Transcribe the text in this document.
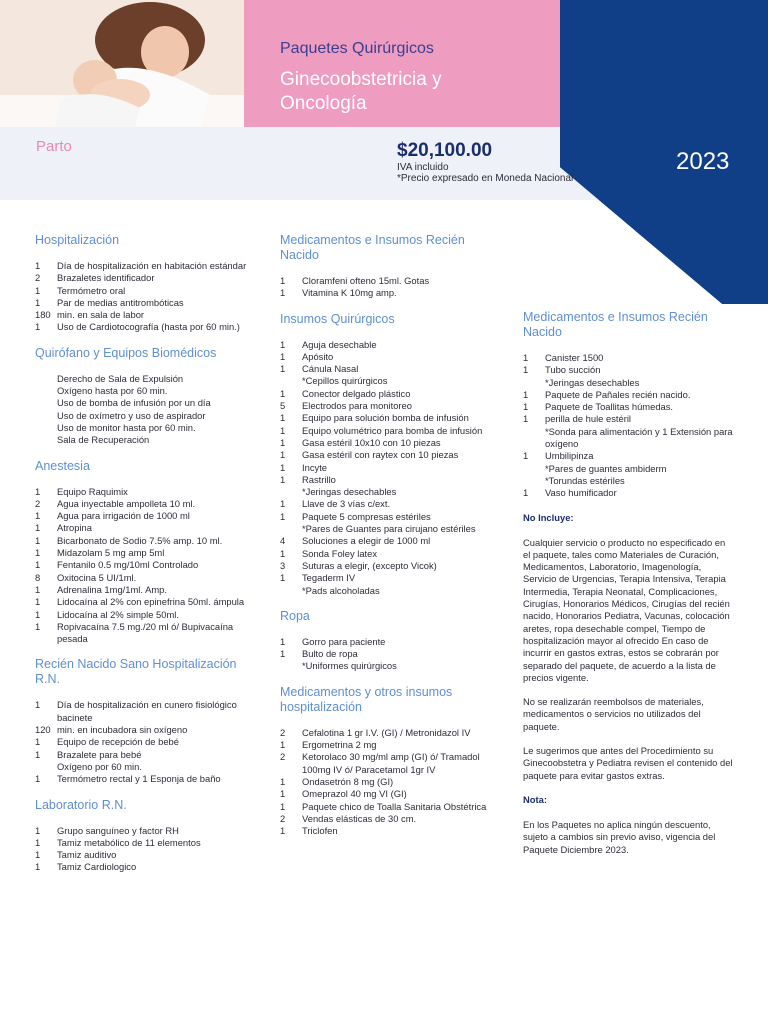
Paquetes Quirúrgicos
Ginecoobstetricia y Oncología
Parto	$20,100.00
IVA incluido
*Precio expresado en Moneda Nacional
2023
Hospitalización
1	Día de hospitalización en habitación estándar
2	Brazaletes identificador
1	Termómetro oral
1	Par de medias antitrombóticas
180 min. en sala de labor
1	Uso de Cardiotocografía (hasta por 60 min.)
Quirófano y Equipos Biomédicos
Derecho de Sala de Expulsión
Oxígeno hasta por 60 min.
Uso de bomba de infusión por un día
Uso de oxímetro y uso de aspirador
Uso de monitor hasta por 60 min.
Sala de Recuperación
Anestesia
1	Equipo Raquimix
2	Agua inyectable ampolleta 10 ml.
1	Agua para irrigación de 1000 ml
1	Atropina
1	Bicarbonato de Sodio 7.5% amp. 10 ml.
1	Midazolam 5 mg amp 5ml
1	Fentanilo 0.5 mg/10ml Controlado
8	Oxitocina 5 UI/1ml.
1	Adrenalina 1mg/1ml. Amp.
1	Lidocaína al 2% con epinefrina 50ml. ámpula
1	Lidocaína al 2% simple 50ml.
1	Ropivacaína 7.5 mg./20 ml ó/ Bupivacaína pesada
Recién Nacido Sano Hospitalización R.N.
1	Día de hospitalización en cunero fisiológico bacinete
120 min. en incubadora sin oxígeno
1	Equipo de recepción de bebé
1	Brazalete para bebé
Oxígeno por 60 min.
1	Termómetro rectal y 1 Esponja de baño
Laboratorio R.N.
1	Grupo sanguíneo y factor RH
1	Tamiz metabólico de 11 elementos
1	Tamiz auditivo
1	Tamiz Cardiologico
Medicamentos e Insumos Recién Nacido
1	Cloramfeni ofteno 15ml. Gotas
1	Vitamina K 10mg amp.
Insumos Quirúrgicos
1	Aguja desechable
1	Apósito
1	Cánula Nasal
*Cepillos quirúrgicos
1	Conector delgado plástico
5	Electrodos para monitoreo
1	Equipo para solución bomba de infusión
1	Equipo volumétrico para bomba de infusión
1	Gasa estéril 10x10 con 10 piezas
1	Gasa estéril con raytex con 10 piezas
1	Incyte
1	Rastrillo
*Jeringas desechables
1	Llave de 3 vías c/ext.
1	Paquete 5 compresas estériles
*Pares de Guantes para cirujano estériles
4	Soluciones a elegir de 1000 ml
1	Sonda Foley latex
3	Suturas a elegir, (excepto Vicok)
1	Tegaderm IV
*Pads alcoholadas
Ropa
1	Gorro para paciente
1	Bulto de ropa
*Uniformes quirúrgicos
Medicamentos y otros insumos hospitalización
2	Cefalotina 1 gr I.V. (GI) / Metronidazol IV
1	Ergometrina 2 mg
2	Ketorolaco 30 mg/ml amp (GI) ó/ Tramadol 100mg IV ó/ Paracetamol 1gr IV
1	Ondasetrón 8 mg (GI)
1	Omeprazol 40 mg VI (GI)
1	Paquete chico de Toalla Sanitaria Obstétrica
2	Vendas elásticas de 30 cm.
1	Triclofen
Medicamentos e Insumos Recién Nacido
1	Canister 1500
1	Tubo succión
*Jeringas desechables
1	Paquete de Pañales recién nacido.
1	Paquete de Toallitas húmedas.
1	perilla de hule estéril
*Sonda para alimentación y 1 Extensión para oxígeno
1	Umbilipinza
*Pares de guantes ambiderm
*Torundas estériles
1	Vaso humificador
No Incluye:
Cualquier servicio o producto no especificado en el paquete, tales como Materiales de Curación, Medicamentos, Laboratorio, Imagenología, Servicio de Urgencias, Terapia Intensiva, Terapia Intermedia, Terapia Neonatal, Complicaciones, Cirugías, Honorarios Médicos, Cirugías del recién nacido, Honorarios Pediatra, Vacunas, colocación aretes, ropa desechable compel, Tiempo de hospitalización mayor al ofrecido En caso de incurrir en gastos extras, estos se cobrarán por separado del paquete, de acuerdo a la lista de precios vigente.
No se realizarán reembolsos de materiales, medicamentos o servicios no utilizados del paquete.
Le sugerimos que antes del Procedimiento su Ginecoobstetra y Pediatra revisen el contenido del paquete para evitar gastos extras.
Nota:
En los Paquetes no aplica ningún descuento, sujeto a cambios sin previo aviso, vigencia del Paquete Diciembre 2023.
